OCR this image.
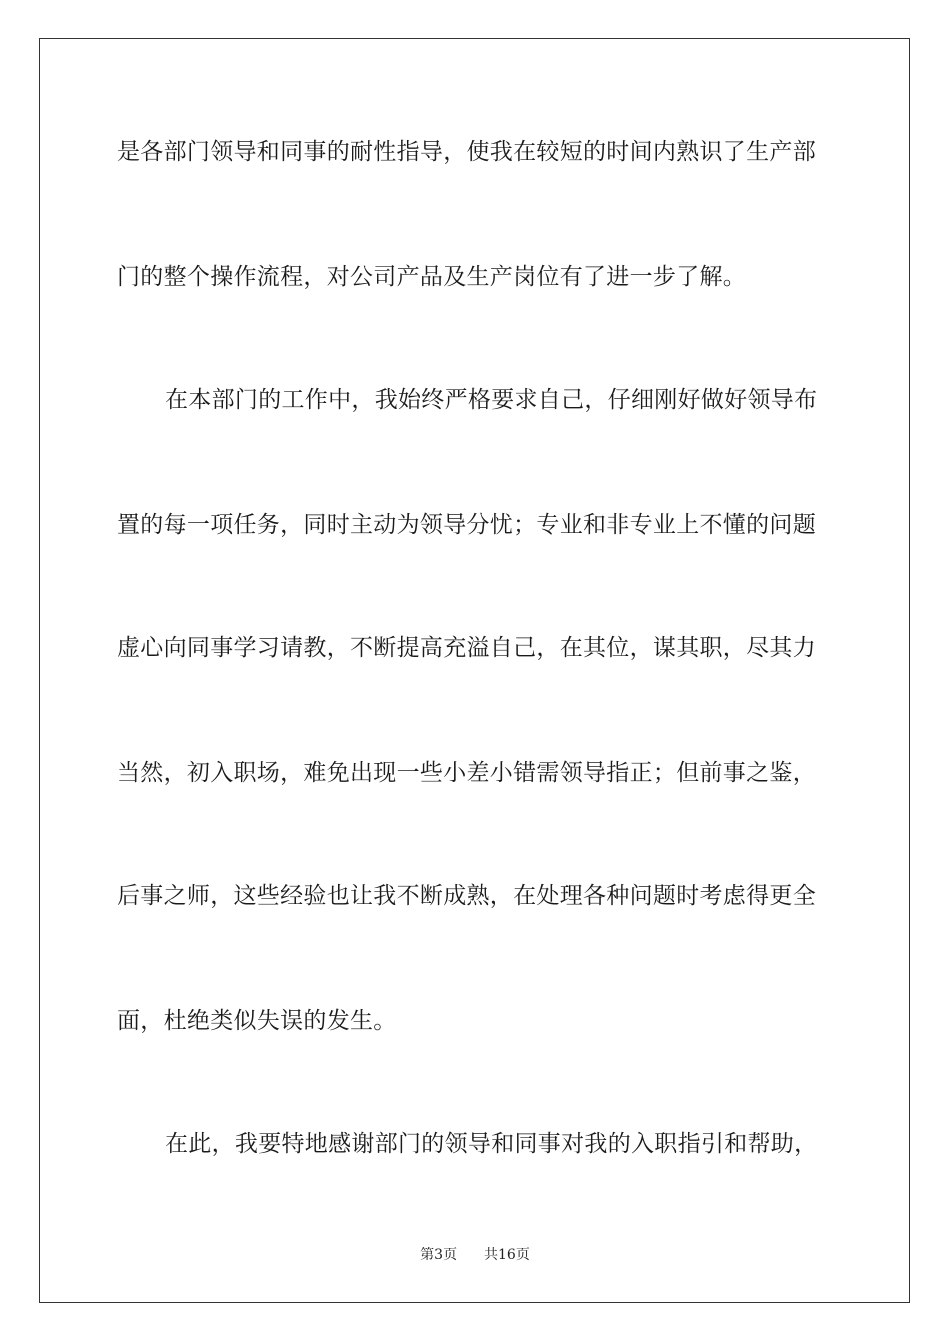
是各部门领导和同事的耐性指导，使我在较短的时间内熟识了生产部
门的整个操作流程，对公司产品及生产岗位有了进一步了解。
在本部门的工作中，我始终严格要求自己，仔细刚好做好领导布
置的每一项任务，同时主动为领导分忧；专业和非专业上不懂的问题
虚心向同事学习请教，不断提高充溢自己，在其位，谋其职，尽其力
当然，初入职场，难免出现一些小差小错需领导指正；但前事之鉴，
后事之师，这些经验也让我不断成熟，在处理各种问题时考虑得更全
面，杜绝类似失误的发生。
在此，我要特地感谢部门的领导和同事对我的入职指引和帮助，
第3页 共16页
